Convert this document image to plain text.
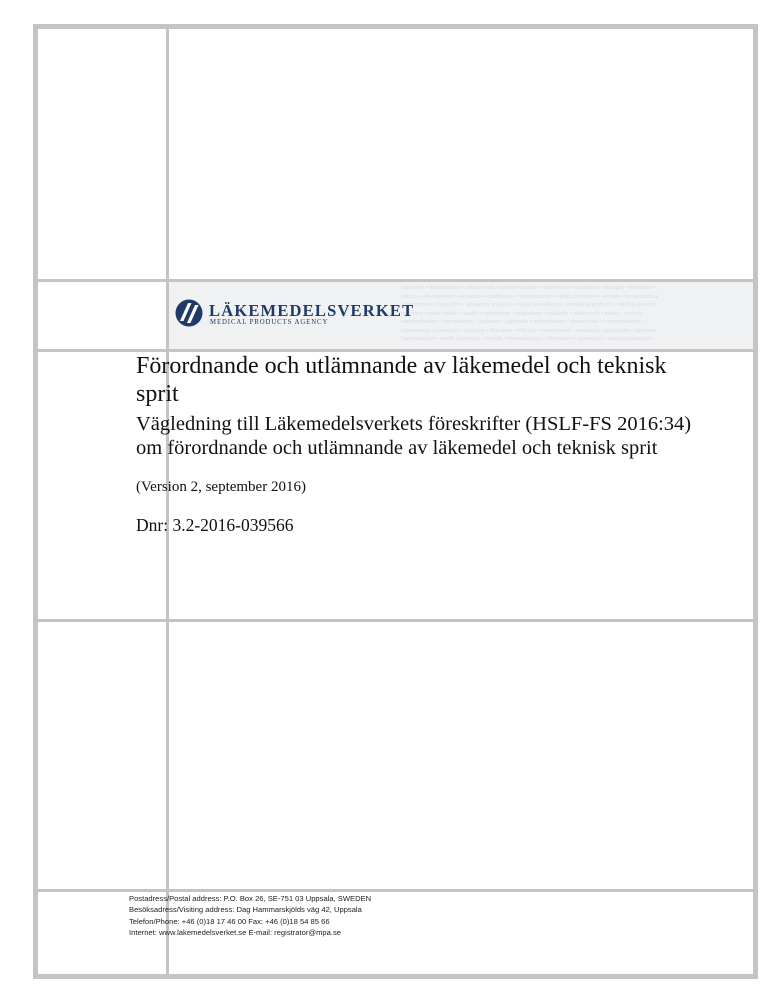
approvals • authorisation • clinical trials • communication • competence • cosmetics • dialogue • directives •
efficacy • environment • evaluation • guidelines • harmonisation • health promotion • herbals • homeopathics
• information • inspection • laboratory analysis • market surveillance • medicinal products • medical devices
narcotics • public health • quality • registration • regulations • reliability • risk/benefit • safety • security
standardisation • transparency • vigilance • approvals • authorisation • clinical trials • communication •
competence • cosmetics • dialogue • directives • efficacy • environment • evaluation • guidelines • harmonis
harmonisation • health promotion • herbals • homeopathics • information • inspection • laboratory analysis
LÄKEMEDELSVERKET
MEDICAL PRODUCTS AGENCY
Förordnande och utlämnande av läkemedel och teknisk sprit

Vägledning till Läkemedelsverkets föreskrifter (HSLF-FS 2016:34) om förordnande och utlämnande av läkemedel och teknisk sprit

(Version 2, september 2016)

Dnr: 3.2-2016-039566

Postadress/Postal address: P.O. Box 26, SE-751 03 Uppsala, SWEDEN
Besöksadress/Visiting address: Dag Hammarskjölds väg 42, Uppsala
Telefon/Phone: +46 (0)18 17 46 00 Fax: +46 (0)18 54 85 66
Internet: www.lakemedelsverket.se E-mail: registrator@mpa.se
